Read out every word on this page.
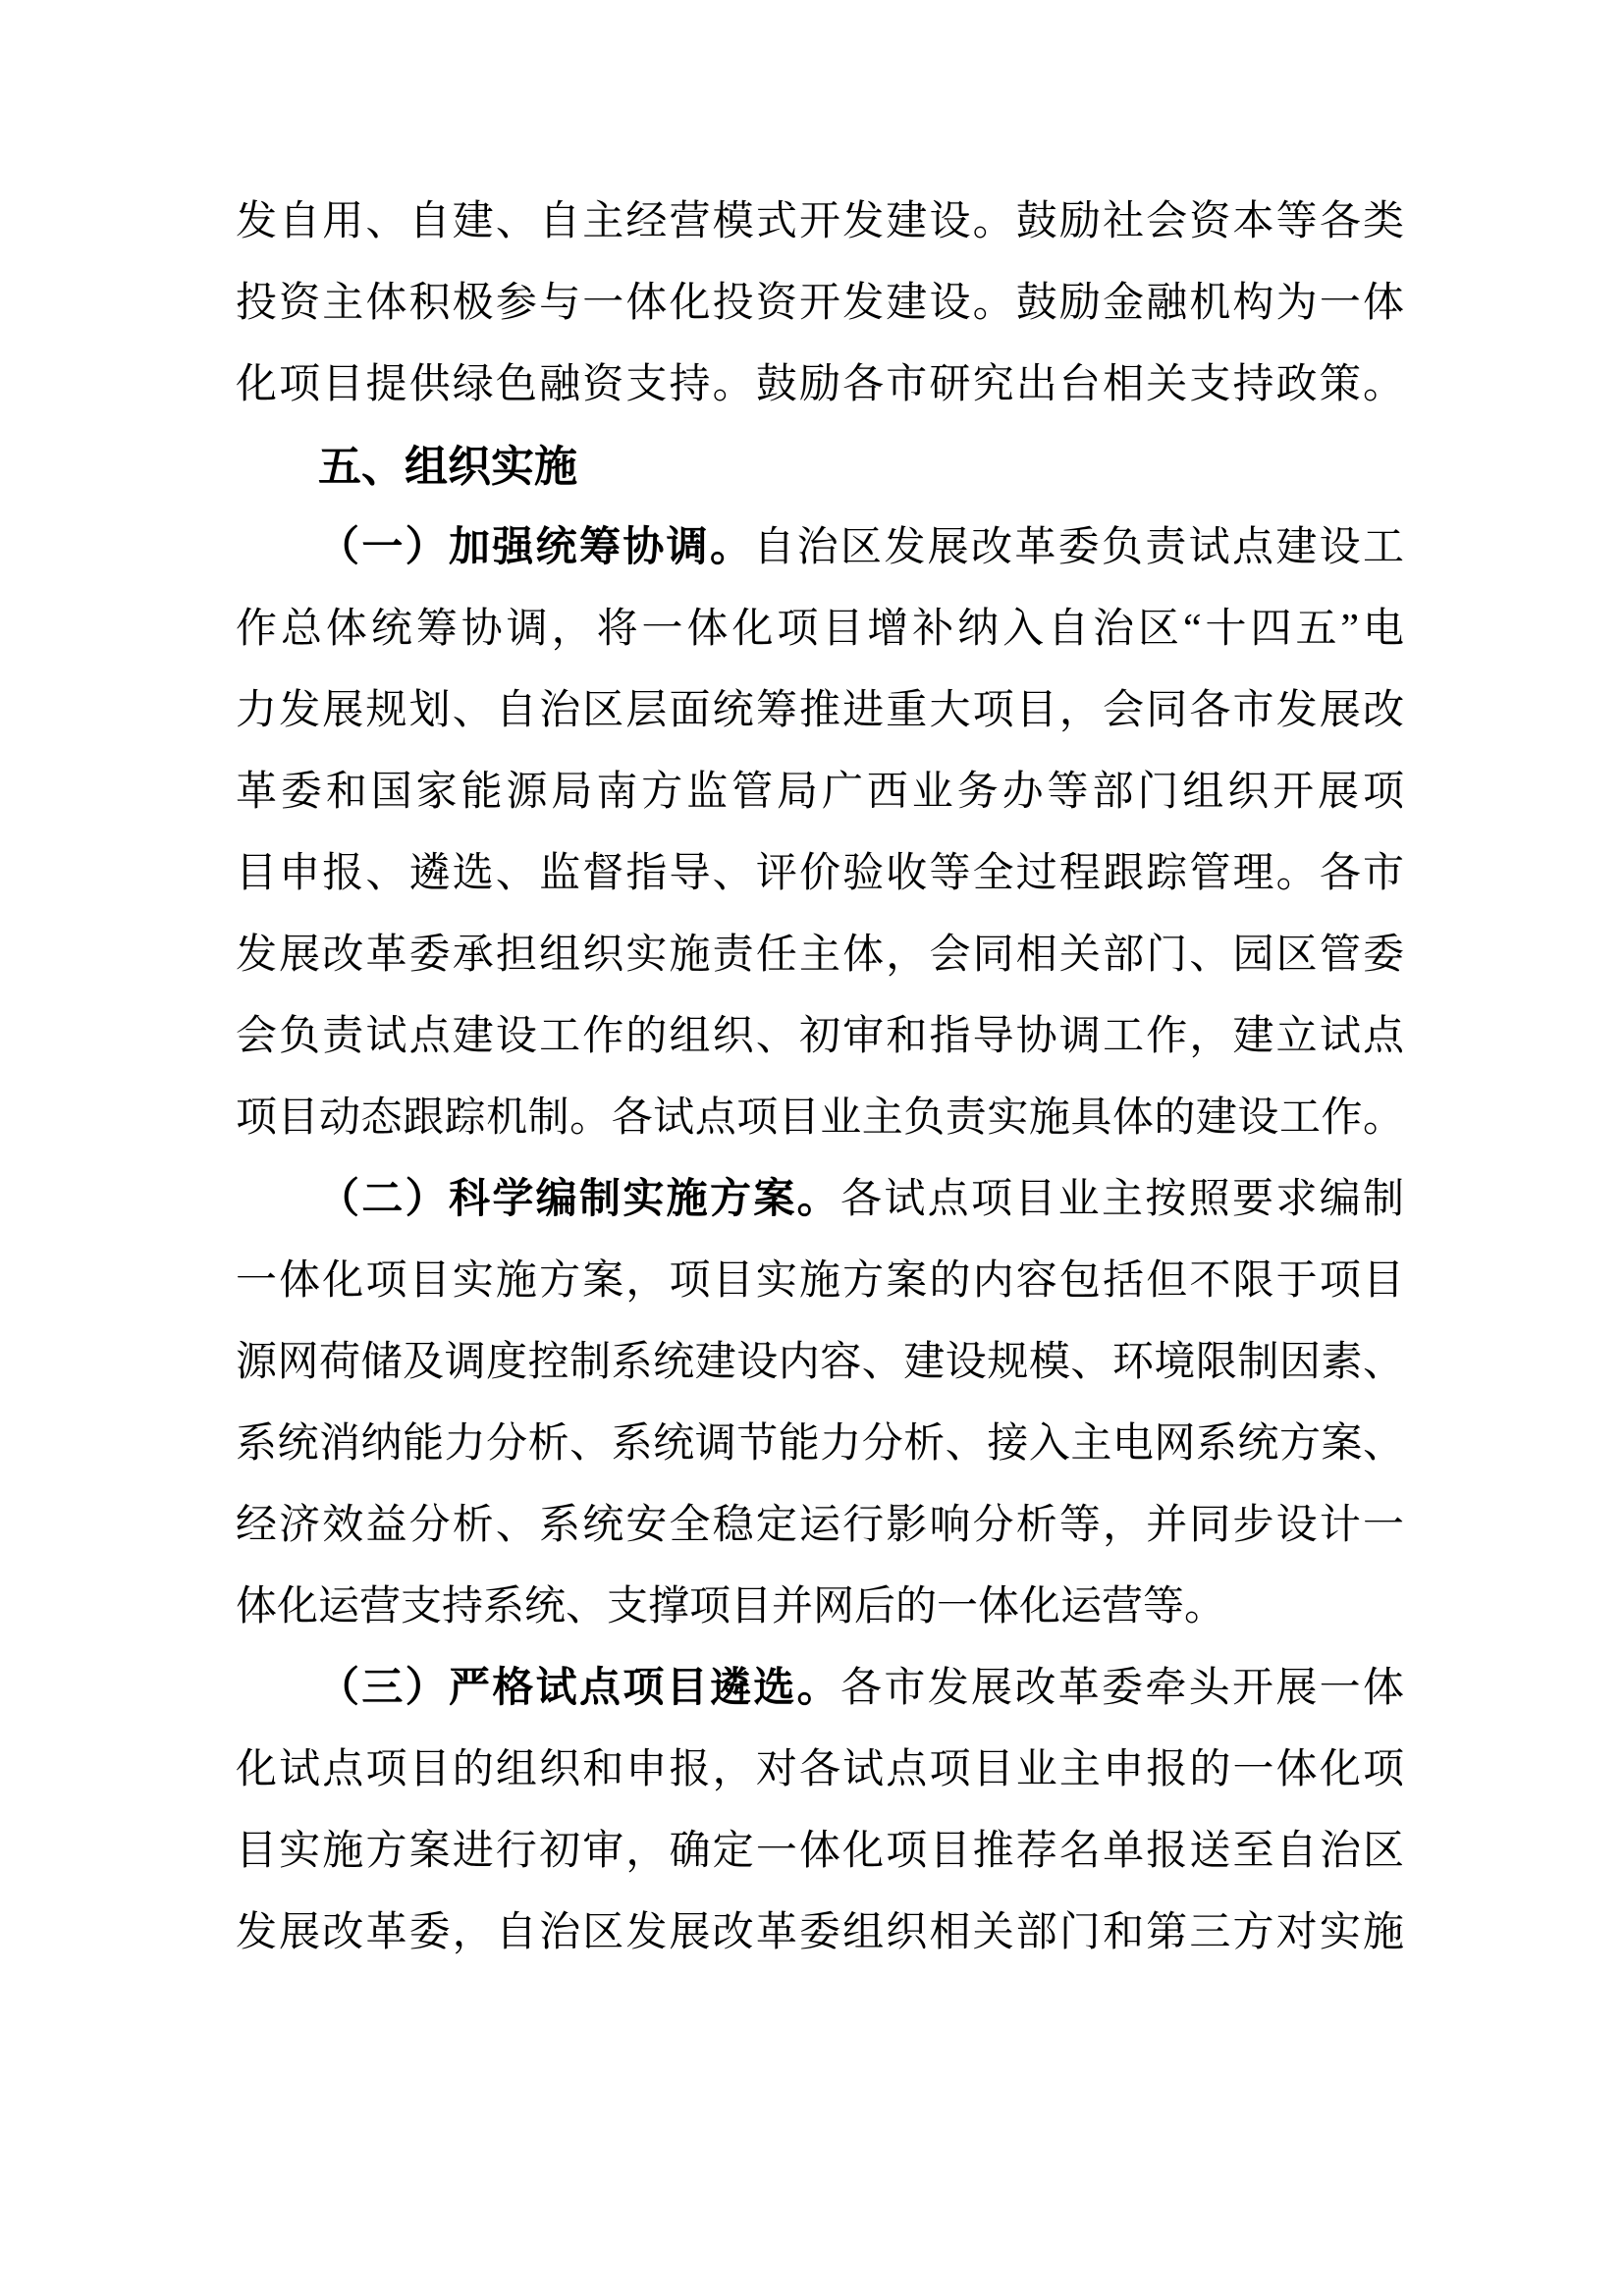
发自用、自建、自主经营模式开发建设。鼓励社会资本等各类
投资主体积极参与一体化投资开发建设。鼓励金融机构为一体
化项目提供绿色融资支持。鼓励各市研究出台相关支持政策。
五、组织实施
（一）加强统筹协调。自治区发展改革委负责试点建设工
作总体统筹协调，将一体化项目增补纳入自治区“十四五”电
力发展规划、自治区层面统筹推进重大项目，会同各市发展改
革委和国家能源局南方监管局广西业务办等部门组织开展项
目申报、遴选、监督指导、评价验收等全过程跟踪管理。各市
发展改革委承担组织实施责任主体，会同相关部门、园区管委
会负责试点建设工作的组织、初审和指导协调工作，建立试点
项目动态跟踪机制。各试点项目业主负责实施具体的建设工作。
（二）科学编制实施方案。各试点项目业主按照要求编制
一体化项目实施方案，项目实施方案的内容包括但不限于项目
源网荷储及调度控制系统建设内容、建设规模、环境限制因素、
系统消纳能力分析、系统调节能力分析、接入主电网系统方案、
经济效益分析、系统安全稳定运行影响分析等，并同步设计一
体化运营支持系统、支撑项目并网后的一体化运营等。
（三）严格试点项目遴选。各市发展改革委牵头开展一体
化试点项目的组织和申报，对各试点项目业主申报的一体化项
目实施方案进行初审，确定一体化项目推荐名单报送至自治区
发展改革委，自治区发展改革委组织相关部门和第三方对实施
